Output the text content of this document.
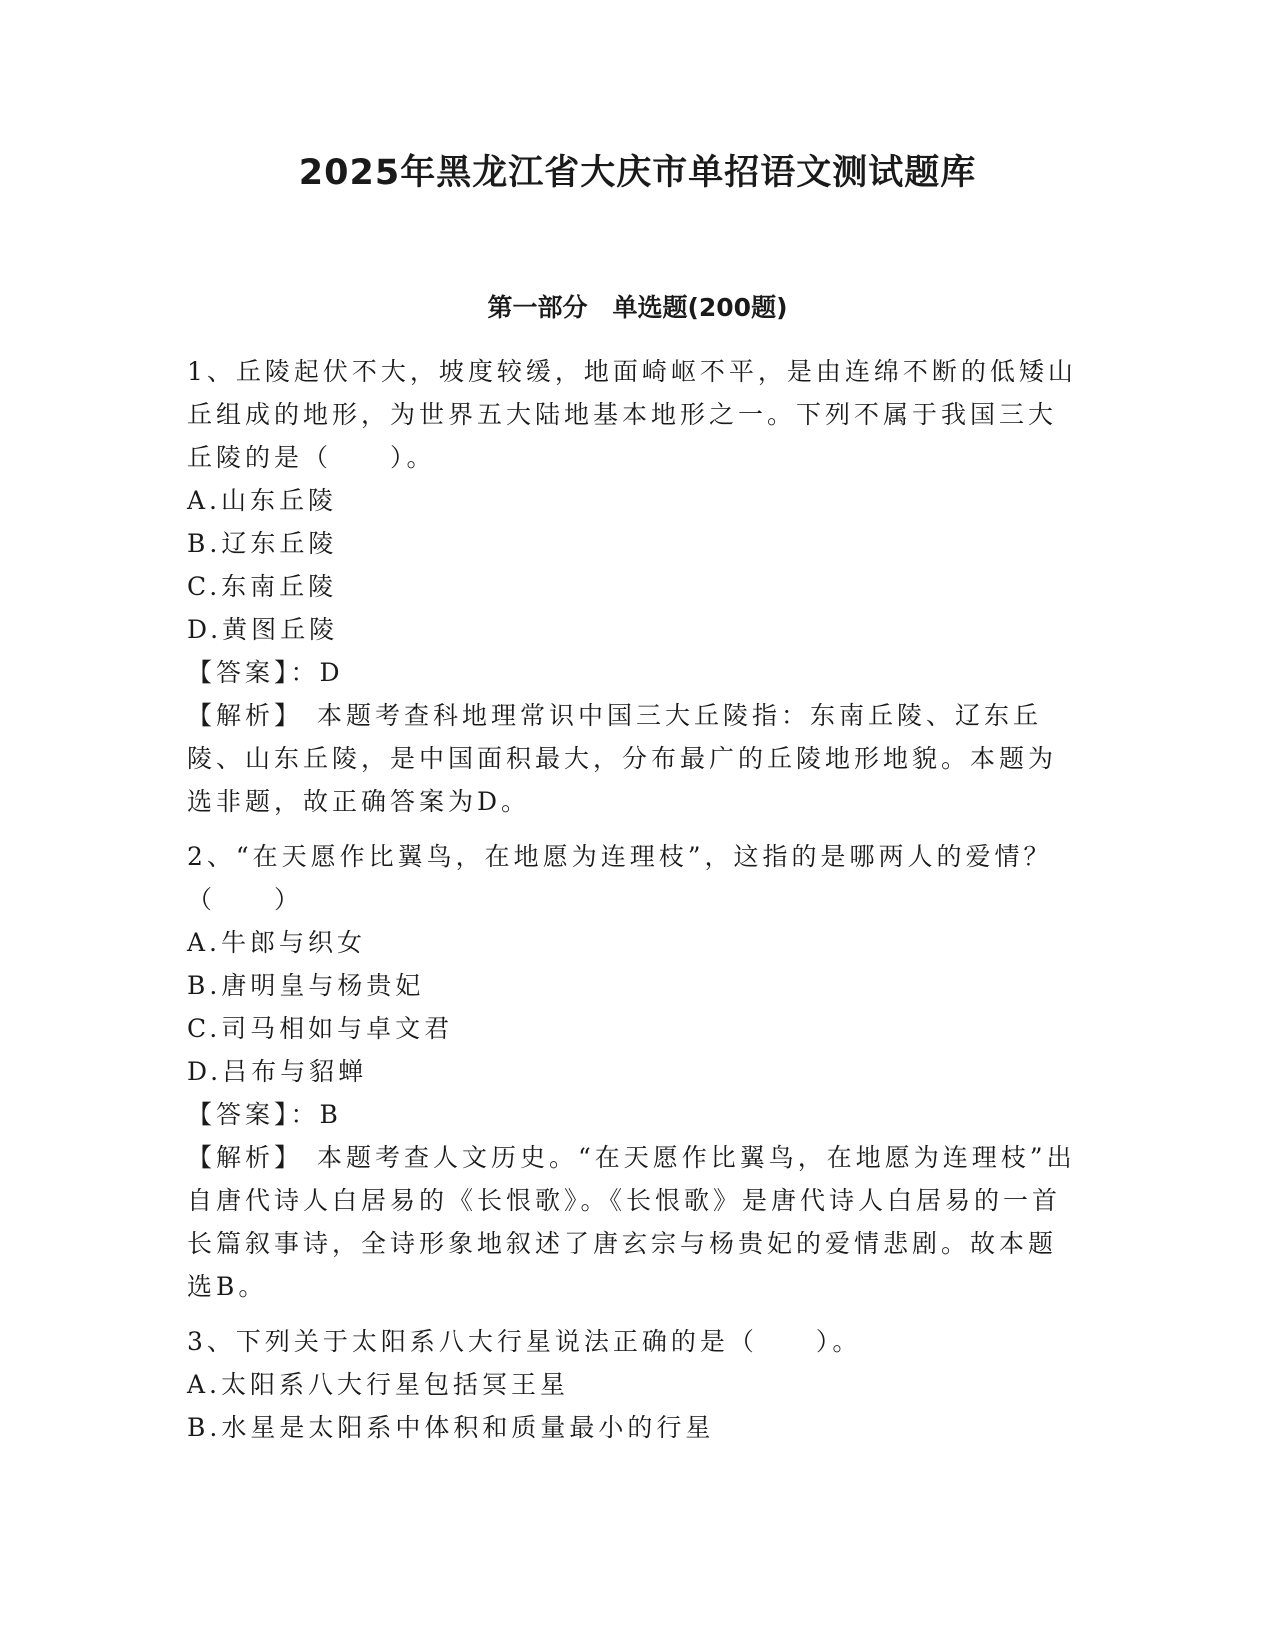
2025年黑龙江省大庆市单招语文测试题库
第一部分　单选题(200题)

1、丘陵起伏不大，坡度较缓，地面崎岖不平，是由连绵不断的低矮山丘组成的地形，为世界五大陆地基本地形之一。下列不属于我国三大丘陵的是（　　）。

A.山东丘陵

B.辽东丘陵

C.东南丘陵

D.黄图丘陵

【答案】：D

【解析】 本题考查科地理常识中国三大丘陵指：东南丘陵、辽东丘陵、山东丘陵，是中国面积最大，分布最广的丘陵地形地貌。本题为选非题，故正确答案为D。

2、“在天愿作比翼鸟，在地愿为连理枝”，这指的是哪两人的爱情？（　　）

A.牛郎与织女

B.唐明皇与杨贵妃

C.司马相如与卓文君

D.吕布与貂蝉

【答案】：B

【解析】 本题考查人文历史。“在天愿作比翼鸟，在地愿为连理枝”出自唐代诗人白居易的《长恨歌》。《长恨歌》是唐代诗人白居易的一首长篇叙事诗，全诗形象地叙述了唐玄宗与杨贵妃的爱情悲剧。故本题选B。

3、下列关于太阳系八大行星说法正确的是（　　）。

A.太阳系八大行星包括冥王星

B.水星是太阳系中体积和质量最小的行星
